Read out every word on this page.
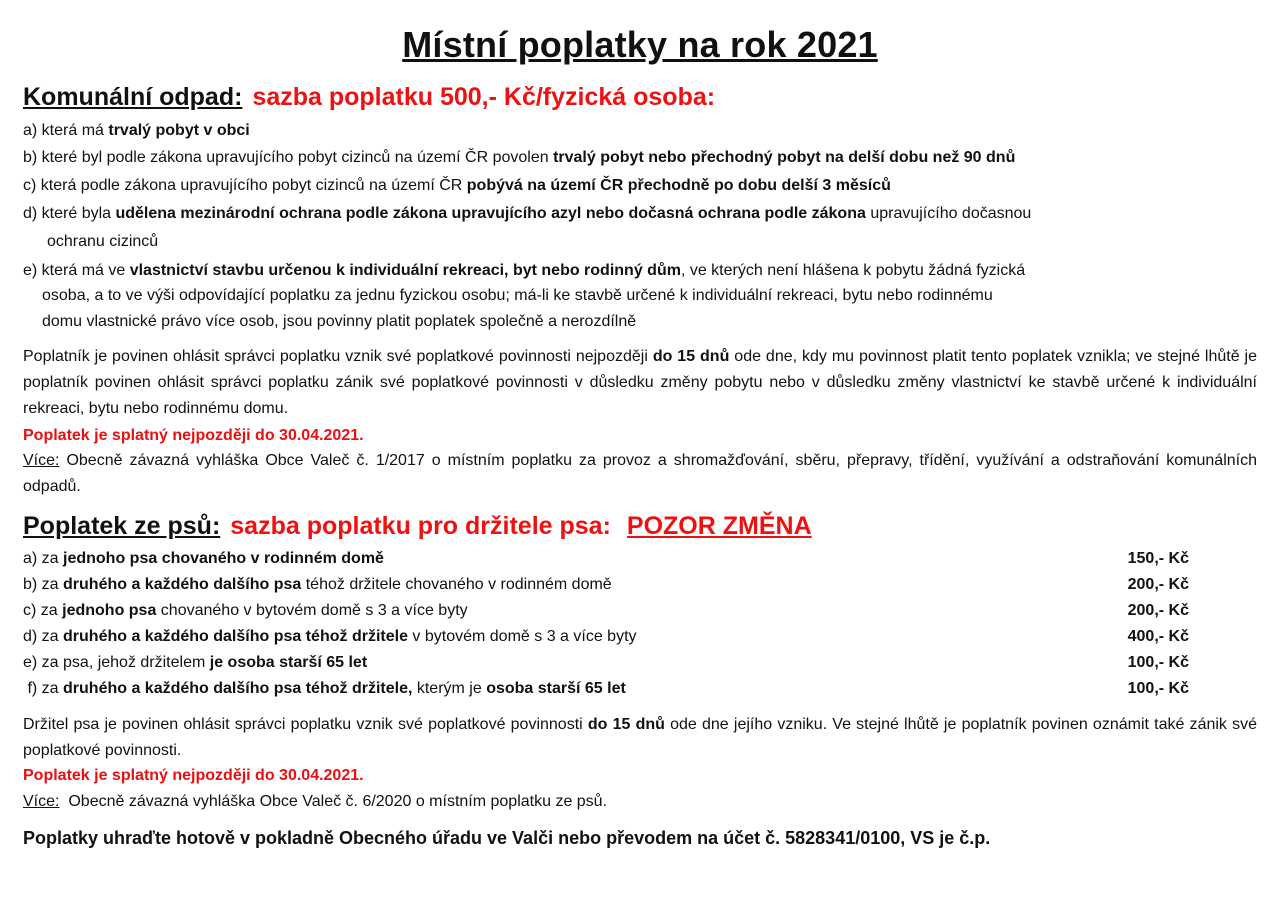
Místní poplatky na rok 2021
Komunální odpad: sazba poplatku 500,- Kč/fyzická osoba:
a) která má trvalý pobyt v obci
b) které byl podle zákona upravujícího pobyt cizinců na území ČR povolen trvalý pobyt nebo přechodný pobyt na delší dobu než 90 dnů
c) která podle zákona upravujícího pobyt cizinců na území ČR pobývá na území ČR přechodně po dobu delší 3 měsíců
d) které byla udělena mezinárodní ochrana podle zákona upravujícího azyl nebo dočasná ochrana podle zákona upravujícího dočasnou
ochranu cizinců
e) která má ve vlastnictví stavbu určenou k individuální rekreaci, byt nebo rodinný dům, ve kterých není hlášena k pobytu žádná fyzická
osoba, a to ve výši odpovídající poplatku za jednu fyzickou osobu; má-li ke stavbě určené k individuální rekreaci, bytu nebo rodinnému
domu vlastnické právo více osob, jsou povinny platit poplatek společně a nerozdílně
Poplatník je povinen ohlásit správci poplatku vznik své poplatkové povinnosti nejpozději do 15 dnů ode dne, kdy mu povinnost platit tento poplatek vznikla; ve stejné lhůtě je poplatník povinen ohlásit správci poplatku zánik své poplatkové povinnosti v důsledku změny pobytu nebo v důsledku změny vlastnictví ke stavbě určené k individuální rekreaci, bytu nebo rodinnému domu.
Poplatek je splatný nejpozději do 30.04.2021.
Více: Obecně závazná vyhláška Obce Valeč č. 1/2017 o místním poplatku za provoz a shromažďování, sběru, přepravy, třídění, využívání a odstraňování komunálních odpadů.
Poplatek ze psů: sazba poplatku pro držitele psa: POZOR ZMĚNA
a) za jednoho psa chovaného v rodinném domě	150,- Kč
b) za druhého a každého dalšího psa téhož držitele chovaného v rodinném domě	200,- Kč
c) za jednoho psa chovaného v bytovém domě s 3 a více byty	200,- Kč
d) za druhého a každého dalšího psa téhož držitele v bytovém domě s 3 a více byty	400,- Kč
e) za psa, jehož držitelem je osoba starší 65 let	100,- Kč
f) za druhého a každého dalšího psa téhož držitele, kterým je osoba starší 65 let	100,- Kč
Držitel psa je povinen ohlásit správci poplatku vznik své poplatkové povinnosti do 15 dnů ode dne jejího vzniku. Ve stejné lhůtě je poplatník povinen oznámit také zánik své poplatkové povinnosti.
Poplatek je splatný nejpozději do 30.04.2021.
Více:  Obecně závazná vyhláška Obce Valeč č. 6/2020 o místním poplatku ze psů.
Poplatky uhraďte hotově v pokladně Obecného úřadu ve Valči nebo převodem na účet č. 5828341/0100, VS je č.p.
